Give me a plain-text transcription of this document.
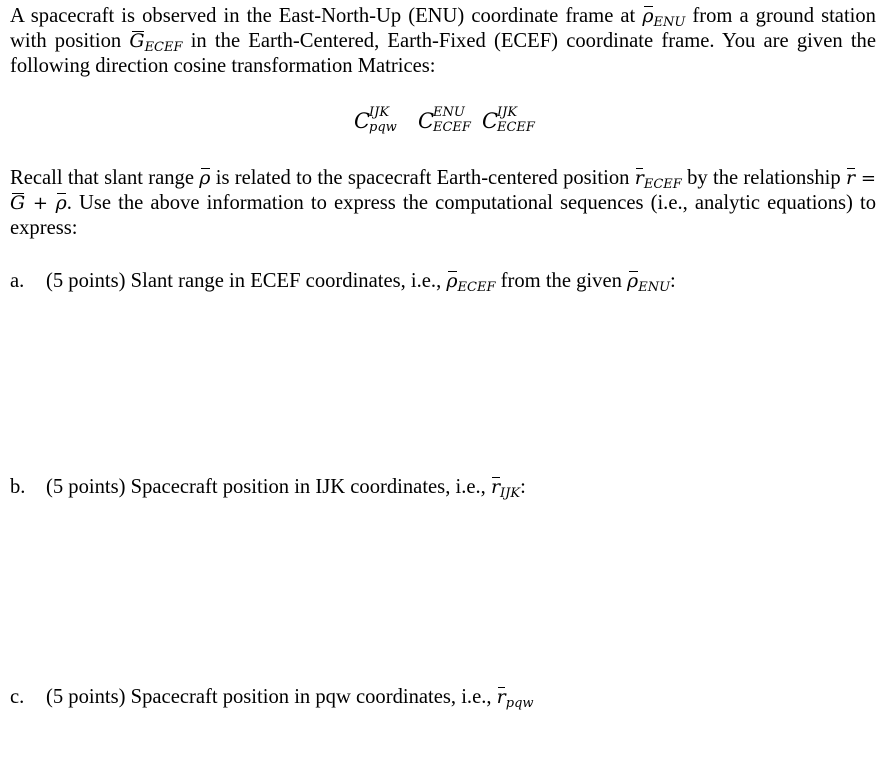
A spacecraft is observed in the East-North-Up (ENU) coordinate frame at ρENU from a ground station with position GECEF in the Earth-Centered, Earth-Fixed (ECEF) coordinate frame. You are given the following direction cosine transformation Matrices:
C
IJK
pqw
C
ENU
ECEF
C
IJK
ECEF
Recall that slant range ρ is related to the spacecraft Earth-centered position rECEF by the relationship r = G + ρ. Use the above information to express the computational sequences (i.e., analytic equations) to express:
a. (5 points) Slant range in ECEF coordinates, i.e., ρECEF from the given ρENU:
b. (5 points) Spacecraft position in IJK coordinates, i.e., rIJK:
c. (5 points) Spacecraft position in pqw coordinates, i.e., rpqw
